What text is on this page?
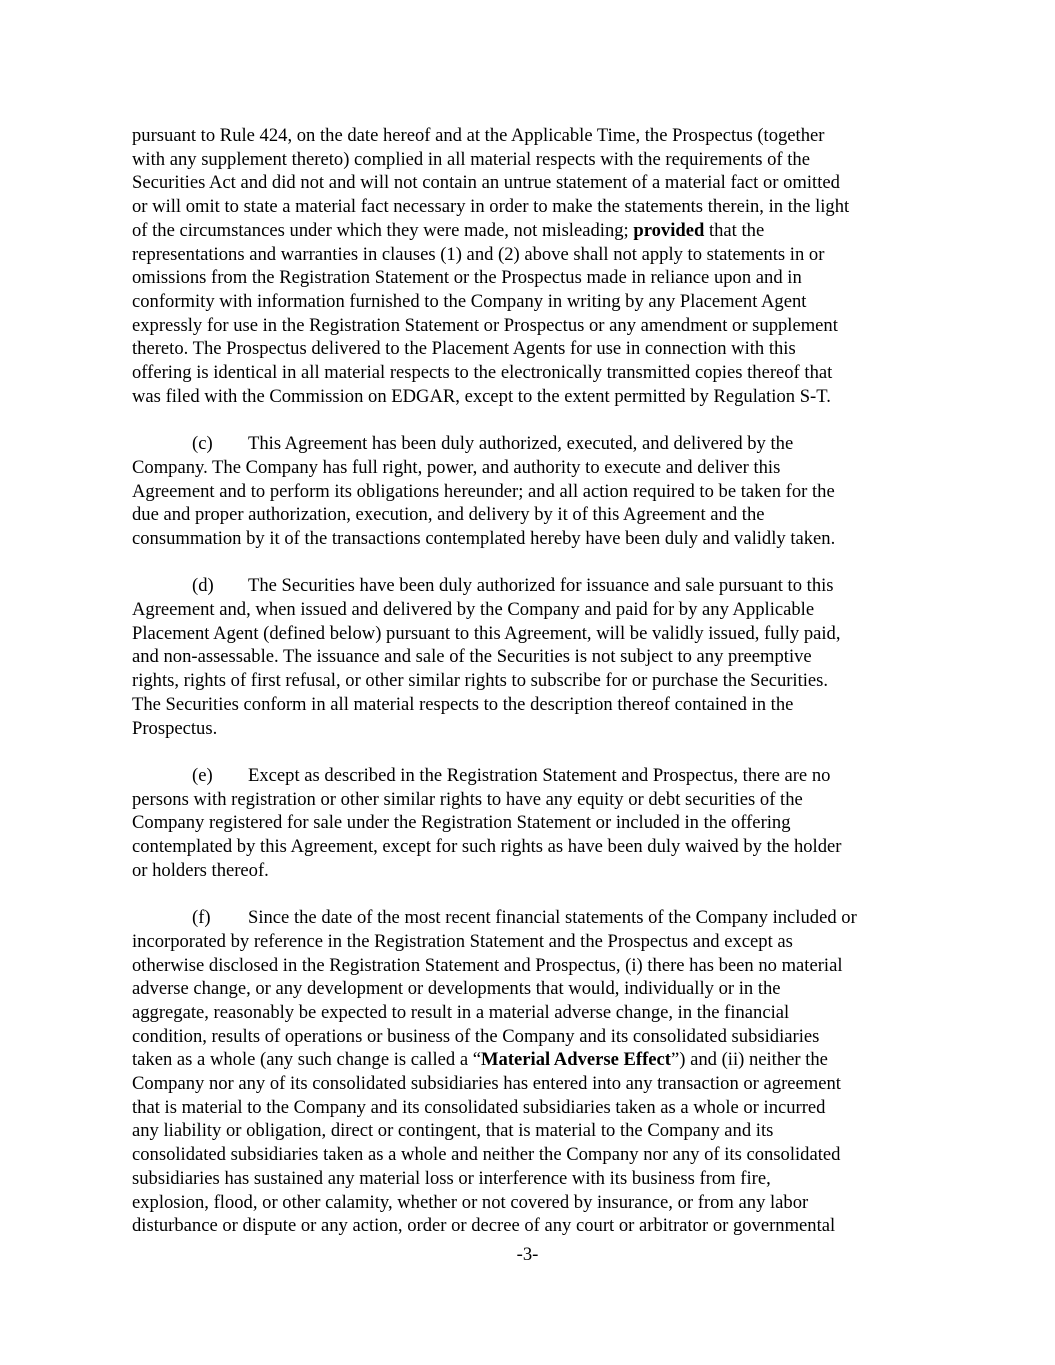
pursuant to Rule 424, on the date hereof and at the Applicable Time, the Prospectus (together
with any supplement thereto) complied in all material respects with the requirements of the
Securities Act and did not and will not contain an untrue statement of a material fact or omitted
or will omit to state a material fact necessary in order to make the statements therein, in the light
of the circumstances under which they were made, not misleading; provided that the
representations and warranties in clauses (1) and (2) above shall not apply to statements in or
omissions from the Registration Statement or the Prospectus made in reliance upon and in
conformity with information furnished to the Company in writing by any Placement Agent
expressly for use in the Registration Statement or Prospectus or any amendment or supplement
thereto. The Prospectus delivered to the Placement Agents for use in connection with this
offering is identical in all material respects to the electronically transmitted copies thereof that
was filed with the Commission on EDGAR, except to the extent permitted by Regulation S-T.

(c) This Agreement has been duly authorized, executed, and delivered by the
Company. The Company has full right, power, and authority to execute and deliver this
Agreement and to perform its obligations hereunder; and all action required to be taken for the
due and proper authorization, execution, and delivery by it of this Agreement and the
consummation by it of the transactions contemplated hereby have been duly and validly taken.

(d) The Securities have been duly authorized for issuance and sale pursuant to this
Agreement and, when issued and delivered by the Company and paid for by any Applicable
Placement Agent (defined below) pursuant to this Agreement, will be validly issued, fully paid,
and non-assessable. The issuance and sale of the Securities is not subject to any preemptive
rights, rights of first refusal, or other similar rights to subscribe for or purchase the Securities.
The Securities conform in all material respects to the description thereof contained in the
Prospectus.

(e) Except as described in the Registration Statement and Prospectus, there are no
persons with registration or other similar rights to have any equity or debt securities of the
Company registered for sale under the Registration Statement or included in the offering
contemplated by this Agreement, except for such rights as have been duly waived by the holder
or holders thereof.

(f) Since the date of the most recent financial statements of the Company included or
incorporated by reference in the Registration Statement and the Prospectus and except as
otherwise disclosed in the Registration Statement and Prospectus, (i) there has been no material
adverse change, or any development or developments that would, individually or in the
aggregate, reasonably be expected to result in a material adverse change, in the financial
condition, results of operations or business of the Company and its consolidated subsidiaries
taken as a whole (any such change is called a “Material Adverse Effect”) and (ii) neither the
Company nor any of its consolidated subsidiaries has entered into any transaction or agreement
that is material to the Company and its consolidated subsidiaries taken as a whole or incurred
any liability or obligation, direct or contingent, that is material to the Company and its
consolidated subsidiaries taken as a whole and neither the Company nor any of its consolidated
subsidiaries has sustained any material loss or interference with its business from fire,
explosion, flood, or other calamity, whether or not covered by insurance, or from any labor
disturbance or dispute or any action, order or decree of any court or arbitrator or governmental

-3-
